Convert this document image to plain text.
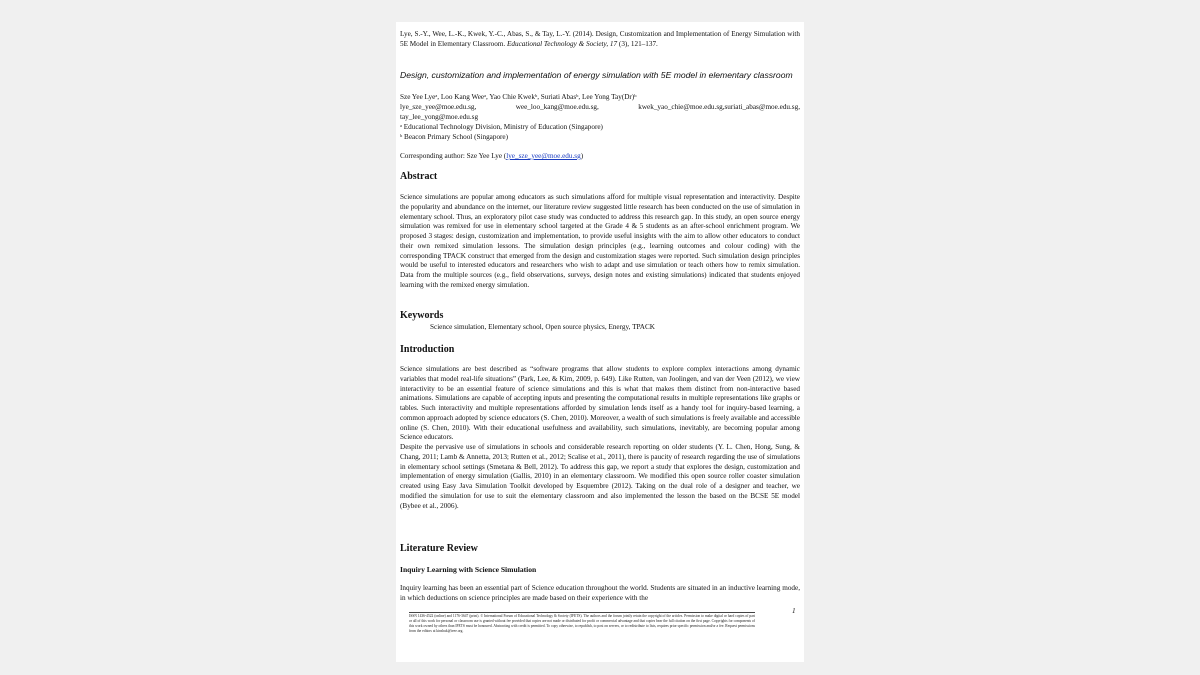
Lye, S.-Y., Wee, L.-K., Kwek, Y.-C., Abas, S., & Tay, L.-Y. (2014). Design, Customization and Implementation of Energy Simulation with 5E Model in Elementary Classroom. Educational Technology & Society, 17 (3), 121–137.
Design, customization and implementation of energy simulation with 5E model in elementary classroom
Sze Yee Lyeᵃ, Loo Kang Weeᵃ, Yao Chie Kwekᵇ, Suriati Abasᵇ, Lee Yong Tay(Dr)ᵇ
lye_sze_yee@moe.edu.sg, wee_loo_kang@moe.edu.sg, kwek_yao_chie@moe.edu.sg,suriati_abas@moe.edu.sg,
tay_lee_yong@moe.edu.sg
ᵃ Educational Technology Division, Ministry of Education (Singapore)
ᵇ Beacon Primary School (Singapore)
Corresponding author: Sze Yee Lye (lye_sze_yee@moe.edu.sg)
Abstract
Science simulations are popular among educators as such simulations afford for multiple visual representation and interactivity. Despite the popularity and abundance on the internet, our literature review suggested little research has been conducted on the use of simulation in elementary school. Thus, an exploratory pilot case study was conducted to address this research gap. In this study, an open source energy simulation was remixed for use in elementary school targeted at the Grade 4 & 5 students as an after-school enrichment program. We proposed 3 stages: design, customization and implementation, to provide useful insights with the aim to allow other educators to conduct their own remixed simulation lessons. The simulation design principles (e.g., learning outcomes and colour coding) with the corresponding TPACK construct that emerged from the design and customization stages were reported. Such simulation design principles would be useful to interested educators and researchers who wish to adapt and use simulation or teach others how to remix simulation. Data from the multiple sources (e.g., field observations, surveys, design notes and existing simulations) indicated that students enjoyed learning with the remixed energy simulation.
Keywords
Science simulation, Elementary school, Open source physics, Energy, TPACK
Introduction
Science simulations are best described as “software programs that allow students to explore complex interactions among dynamic variables that model real-life situations” (Park, Lee, & Kim, 2009, p. 649). Like Rutten, van Joolingen, and van der Veen (2012), we view interactivity to be an essential feature of science simulations and this is what that makes them distinct from non-interactive based animations. Simulations are capable of accepting inputs and presenting the computational results in multiple representations like graphs or tables. Such interactivity and multiple representations afforded by simulation lends itself as a handy tool for inquiry-based learning, a common approach adopted by science educators (S. Chen, 2010). Moreover, a wealth of such simulations is freely available and accessible online (S. Chen, 2010). With their educational usefulness and availability, such simulations, inevitably, are becoming popular among Science educators.
Despite the pervasive use of simulations in schools and considerable research reporting on older students (Y. L. Chen, Hong, Sung, & Chang, 2011; Lamb & Annetta, 2013; Rutten et al., 2012; Scalise et al., 2011), there is paucity of research regarding the use of simulations in elementary school settings (Smetana & Bell, 2012). To address this gap, we report a study that explores the design, customization and implementation of energy simulation (Gallis, 2010) in an elementary classroom. We modified this open source roller coaster simulation created using Easy Java Simulation Toolkit developed by Esquembre (2012). Taking on the dual role of a designer and teacher, we modified the simulation for use to suit the elementary classroom and also implemented the lesson the based on the BCSE 5E model (Bybee et al., 2006).
Literature Review
Inquiry Learning with Science Simulation
Inquiry learning has been an essential part of Science education throughout the world. Students are situated in an inductive learning mode, in which deductions on science principles are made based on their experience with the
1
ISSN 1436-4522 (online) and 1176-3647 (print). © International Forum of Educational Technology & Society (IFETS). The authors and the forum jointly retain the copyright of the articles. Permission to make digital or hard copies of part or all of this work for personal or classroom use is granted without fee provided that copies are not made or distributed for profit or commercial advantage and that copies bear the full citation on the first page. Copyrights for components of this work owned by others than IFETS must be honoured. Abstracting with credit is permitted. To copy otherwise, to republish, to post on servers, or to redistribute to lists, requires prior specific permission and/or a fee. Request permissions from the editors at kinshuk@ieee.org.
